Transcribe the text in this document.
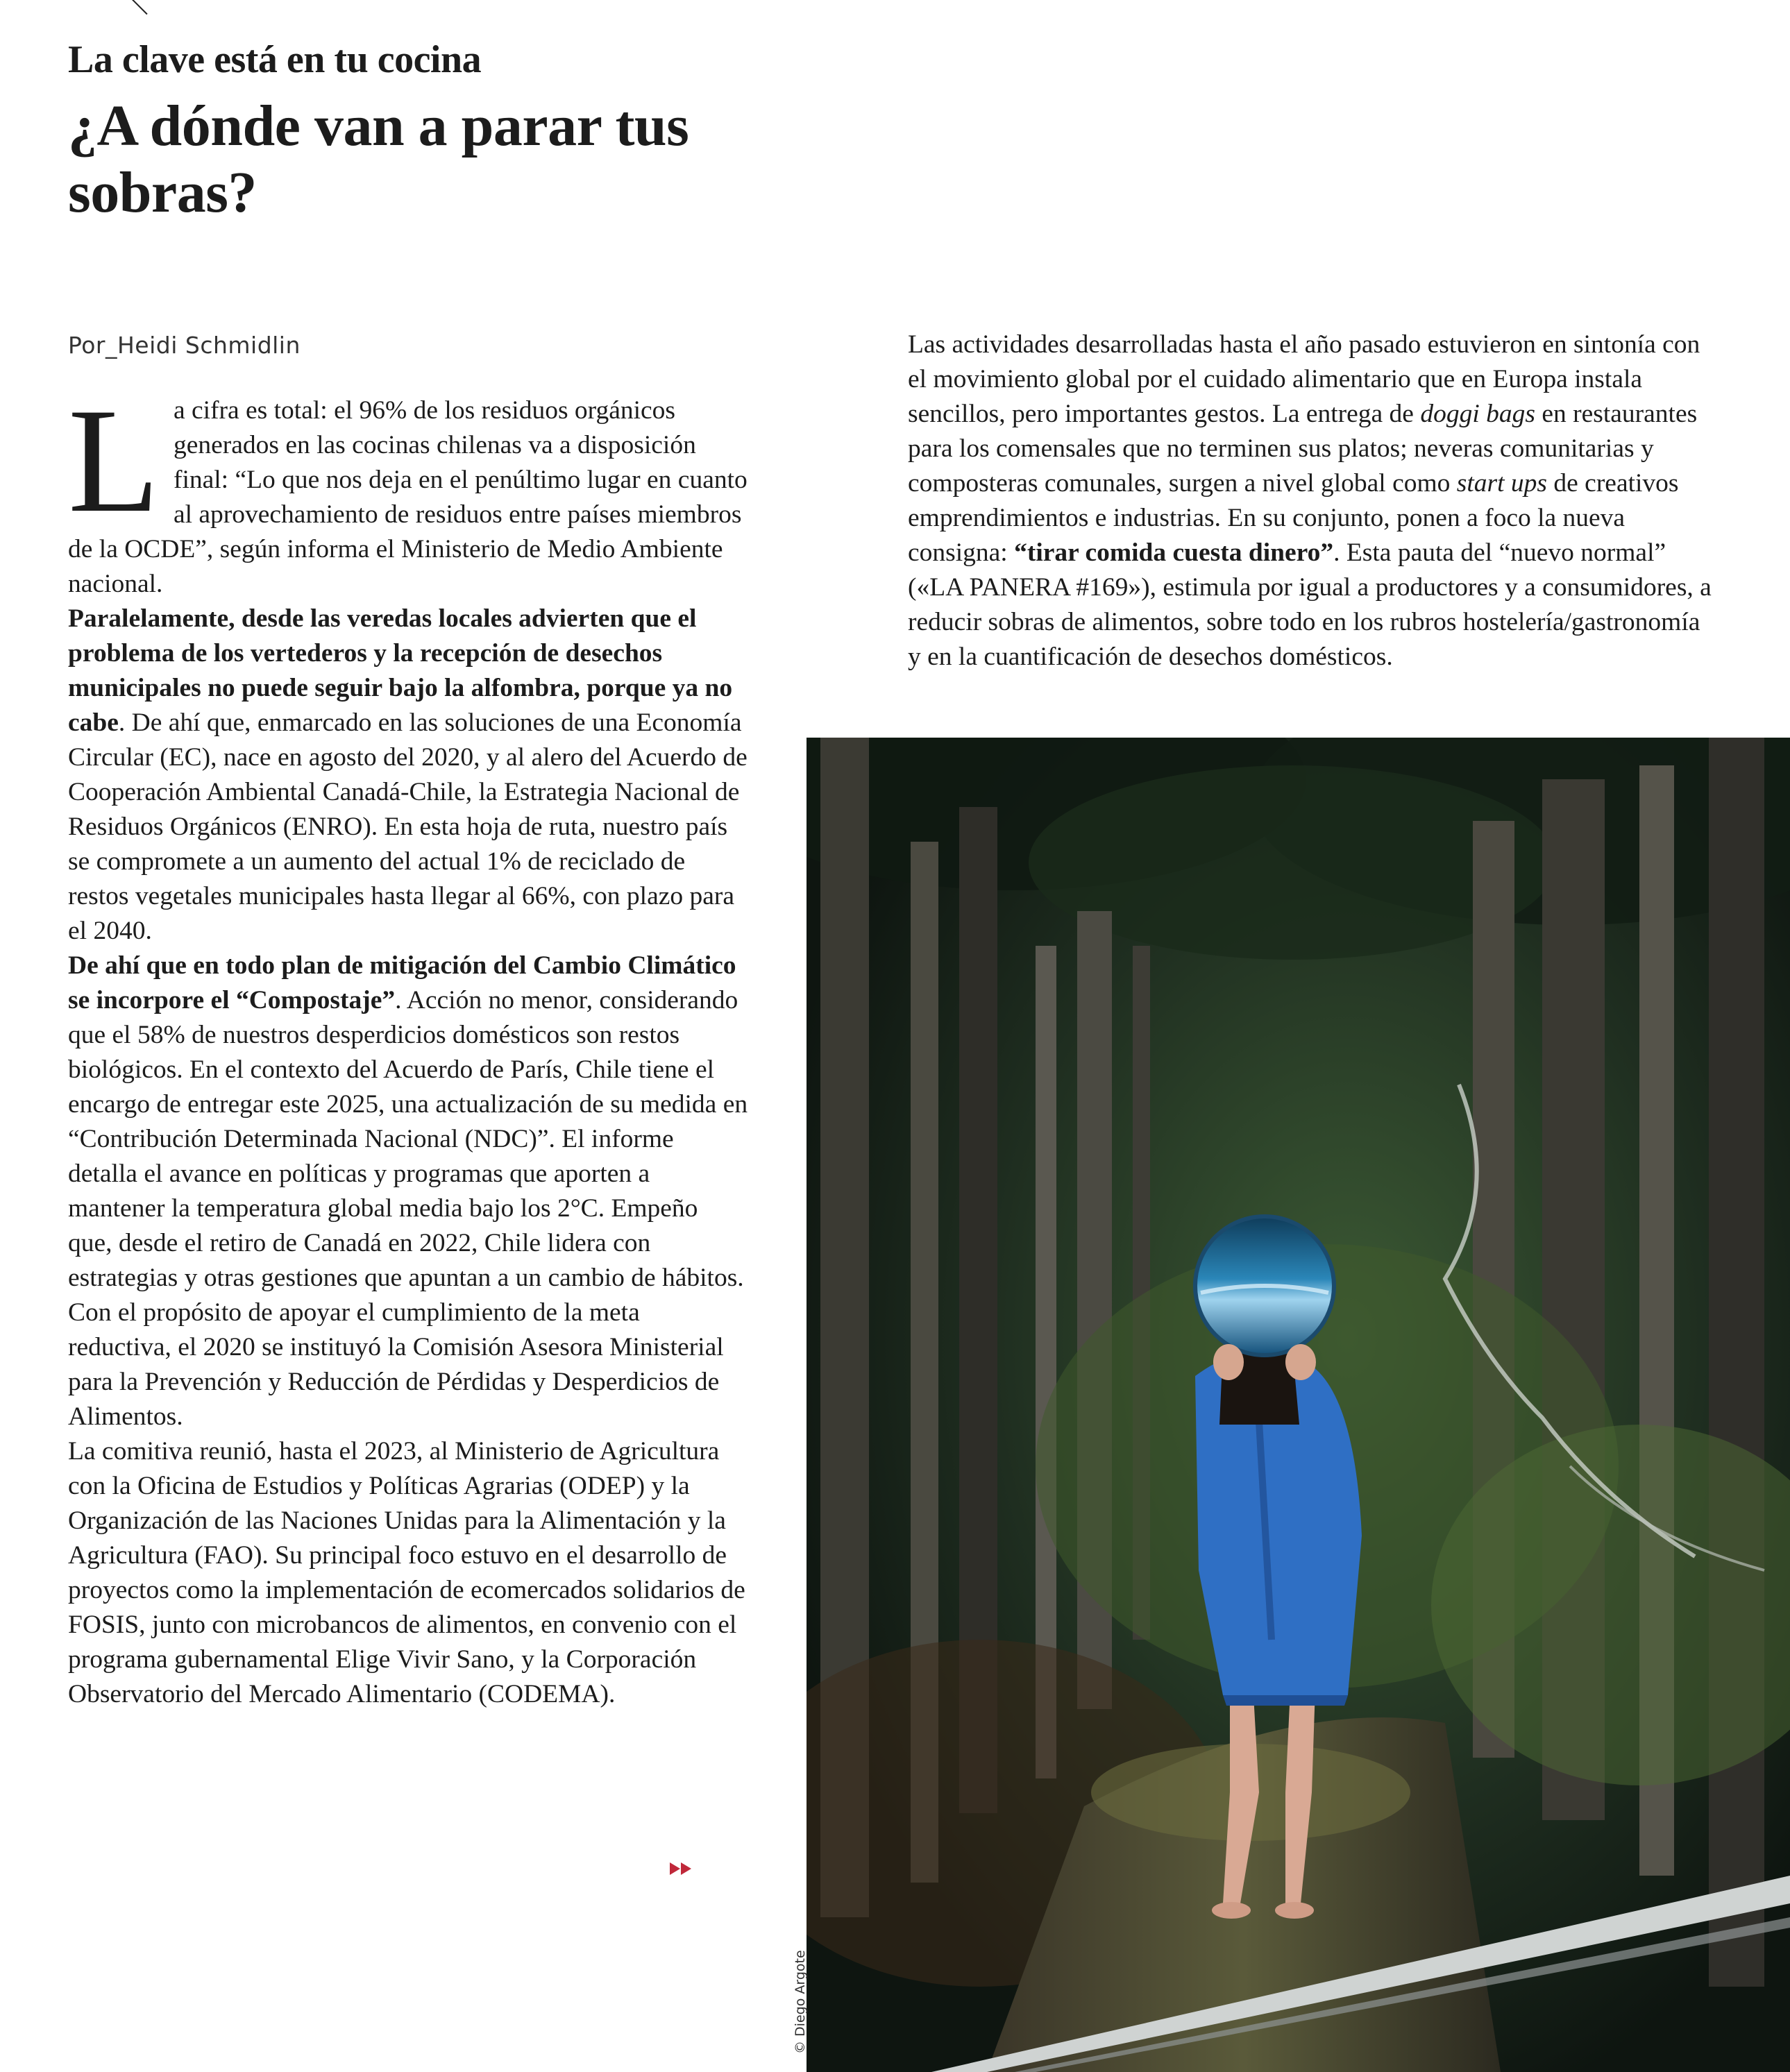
La clave está en tu cocina
¿A dónde van a parar tus sobras?
Por_Heidi Schmidlin

La cifra es total: el 96% de los residuos orgánicos generados en las cocinas chilenas va a disposición final: “Lo que nos deja en el penúltimo lugar en cuanto al aprovechamiento de residuos entre países miembros de la OCDE”, según informa el Ministerio de Medio Ambiente nacional.

Paralelamente, desde las veredas locales advierten que el problema de los vertederos y la recepción de desechos municipales no puede seguir bajo la alfombra, porque ya no cabe. De ahí que, enmarcado en las soluciones de una Economía Circular (EC), nace en agosto del 2020, y al alero del Acuerdo de Cooperación Ambiental Canadá-Chile, la Estrategia Nacional de Residuos Orgánicos (ENRO). En esta hoja de ruta, nuestro país se compromete a un aumento del actual 1% de reciclado de restos vegetales municipales hasta llegar al 66%, con plazo para el 2040.

De ahí que en todo plan de mitigación del Cambio Climático se incorpore el “Compostaje”. Acción no menor, considerando que el 58% de nuestros desperdicios domésticos son restos biológicos. En el contexto del Acuerdo de París, Chile tiene el encargo de entregar este 2025, una actualización de su medida en “Contribución Determinada Nacional (NDC)”. El informe detalla el avance en políticas y programas que aporten a mantener la temperatura global media bajo los 2°C. Empeño que, desde el retiro de Canadá en 2022, Chile lidera con estrategias y otras gestiones que apuntan a un cambio de hábitos.

Con el propósito de apoyar el cumplimiento de la meta reductiva, el 2020 se instituyó la Comisión Asesora Ministerial para la Prevención y Reducción de Pérdidas y Desperdicios de Alimentos.

La comitiva reunió, hasta el 2023, al Ministerio de Agricultura con la Oficina de Estudios y Políticas Agrarias (ODEP) y la Organización de las Naciones Unidas para la Alimentación y la Agricultura (FAO). Su principal foco estuvo en el desarrollo de proyectos como la implementación de ecomercados solidarios de FOSIS, junto con microbancos de alimentos, en convenio con el programa gubernamental Elige Vivir Sano, y la Corporación Observatorio del Mercado Alimentario (CODEMA).

Las actividades desarrolladas hasta el año pasado estuvieron en sintonía con el movimiento global por el cuidado alimentario que en Europa instala sencillos, pero importantes gestos. La entrega de doggi bags en restaurantes para los comensales que no terminen sus platos; neveras comunitarias y composteras comunales, surgen a nivel global como start ups de creativos emprendimientos e industrias. En su conjunto, ponen a foco la nueva consigna: “tirar comida cuesta dinero”. Esta pauta del “nuevo normal” («LA PANERA #169»), estimula por igual a productores y a consumidores, a reducir sobras de alimentos, sobre todo en los rubros hostelería/gastronomía y en la cuantificación de desechos domésticos.

© Diego Argote
